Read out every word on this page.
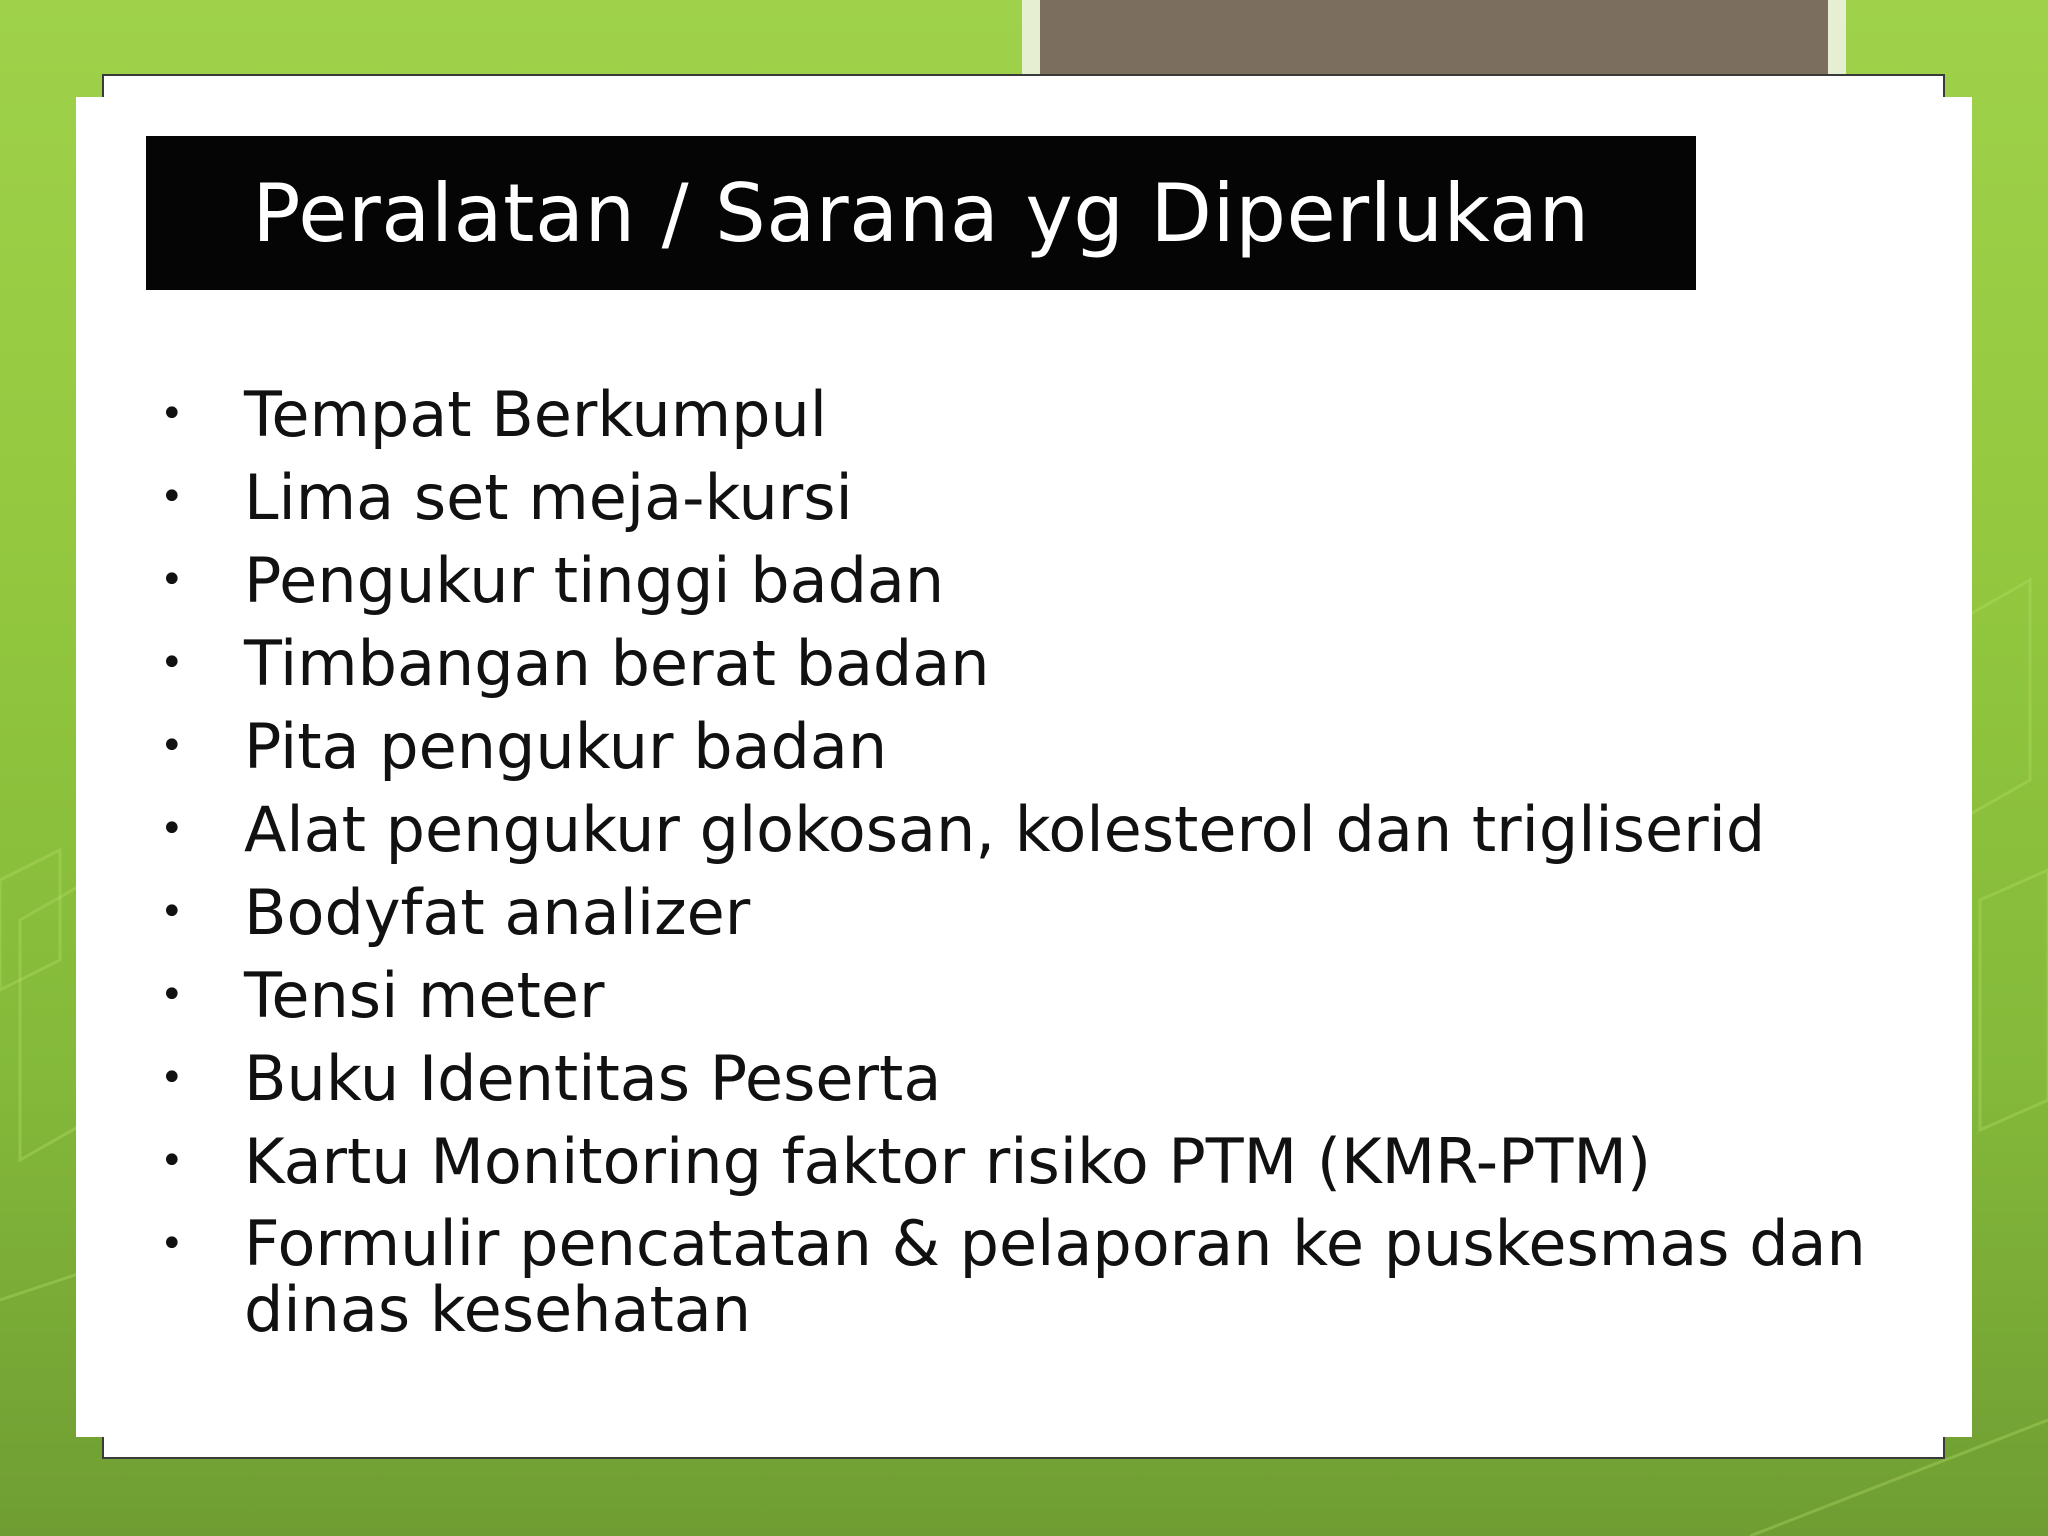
Peralatan / Sarana yg Diperlukan
• Tempat Berkumpul
• Lima set meja-kursi
• Pengukur tinggi badan
• Timbangan berat badan
• Pita pengukur badan
• Alat pengukur glokosan, kolesterol dan trigliserid
• Bodyfat analizer
• Tensi meter
• Buku Identitas Peserta
• Kartu Monitoring faktor risiko PTM (KMR-PTM)
• Formulir pencatatan & pelaporan ke puskesmas dan dinas kesehatan
